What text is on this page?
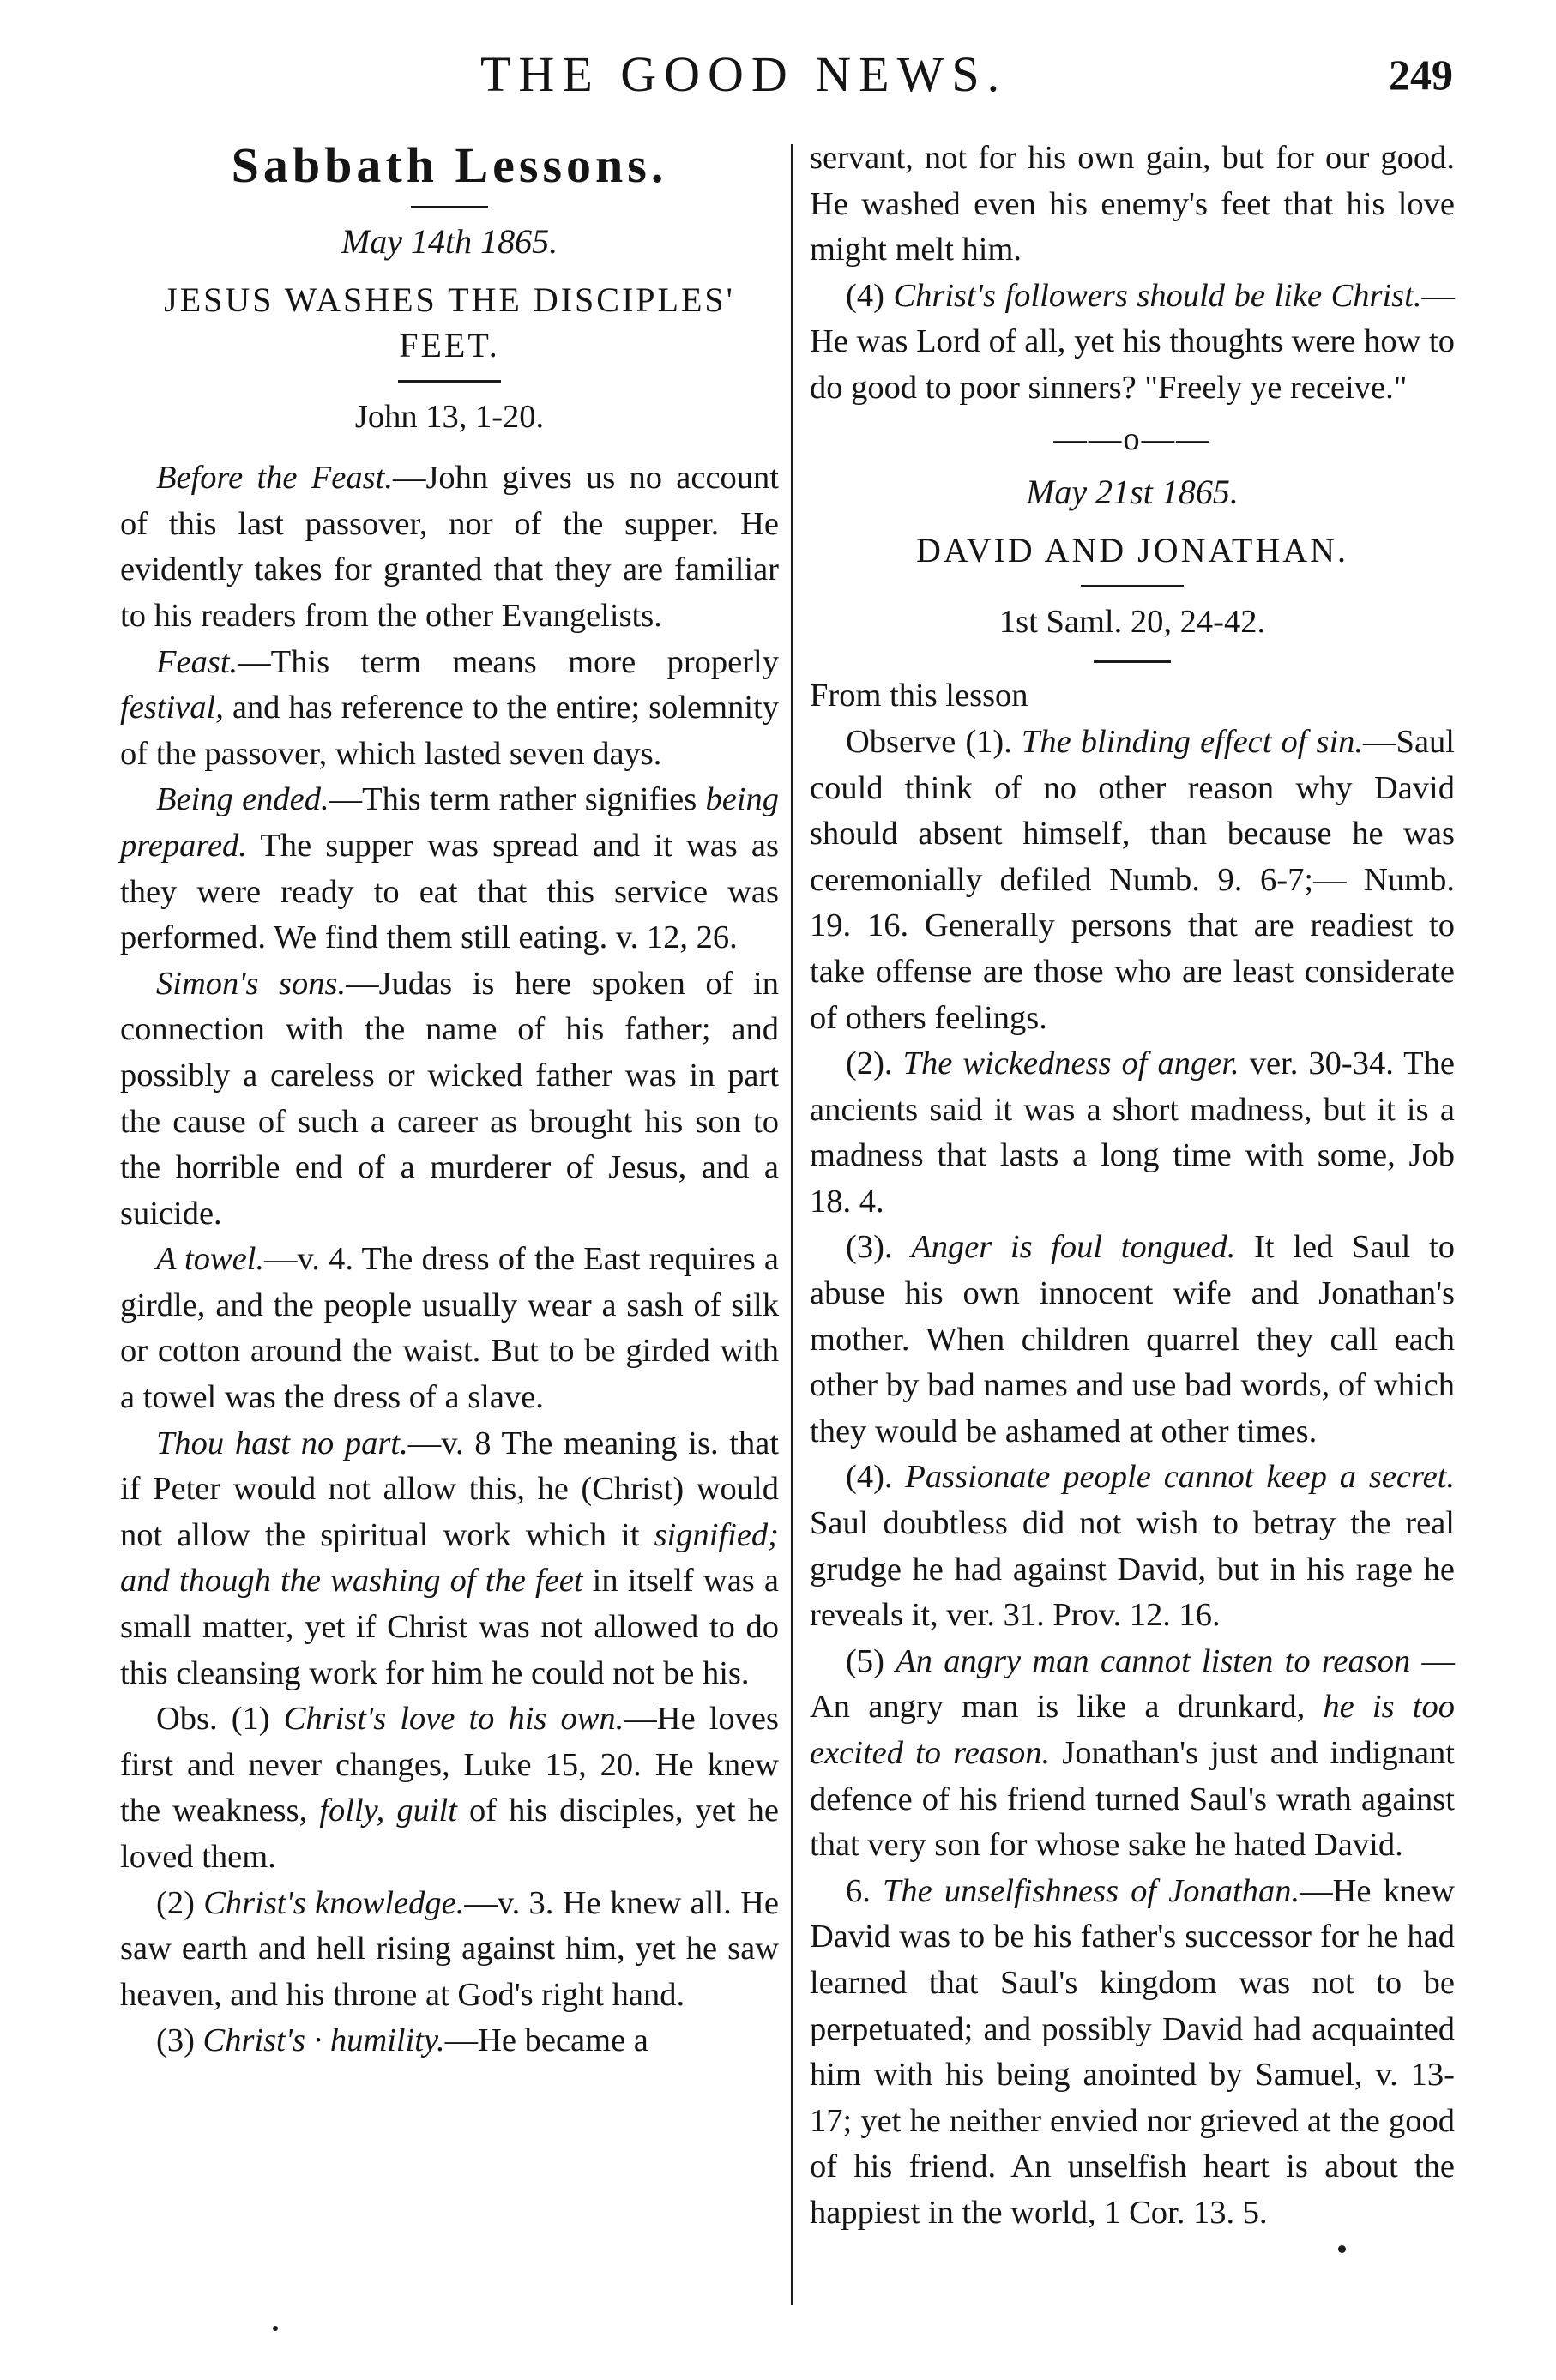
THE GOOD NEWS.	249
Sabbath Lessons.
May 14th 1865.
JESUS WASHES THE DISCIPLES' FEET.
John 13, 1-20.

Before the Feast.—John gives us no account of this last passover, nor of the supper. He evidently takes for granted that they are familiar to his readers from the other Evangelists.

Feast.—This term means more properly festival, and has reference to the entire; solemnity of the passover, which lasted seven days.

Being ended.—This term rather signifies being prepared. The supper was spread and it was as they were ready to eat that this service was performed. We find them still eating. v. 12, 26.

Simon's sons.—Judas is here spoken of in connection with the name of his father; and possibly a careless or wicked father was in part the cause of such a career as brought his son to the horrible end of a murderer of Jesus, and a suicide.

A towel.—v. 4. The dress of the East requires a girdle, and the people usually wear a sash of silk or cotton around the waist. But to be girded with a towel was the dress of a slave.

Thou hast no part.—v. 8 The meaning is. that if Peter would not allow this, he (Christ) would not allow the spiritual work which it signified; and though the washing of the feet in itself was a small matter, yet if Christ was not allowed to do this cleansing work for him he could not be his.

Obs. (1) Christ's love to his own.—He loves first and never changes, Luke 15, 20. He knew the weakness, folly, guilt of his disciples, yet he loved them.

(2) Christ's knowledge.—v. 3. He knew all. He saw earth and hell rising against him, yet he saw heaven, and his throne at God's right hand.

(3) Christ's · humility.—He became a

servant, not for his own gain, but for our good. He washed even his enemy's feet that his love might melt him.

(4) Christ's followers should be like Christ.—He was Lord of all, yet his thoughts were how to do good to poor sinners? "Freely ye receive."

——o——
May 21st 1865.
DAVID AND JONATHAN.
1st Saml. 20, 24-42.

From this lesson

Observe (1). The blinding effect of sin.—Saul could think of no other reason why David should absent himself, than because he was ceremonially defiled Numb. 9. 6-7;— Numb. 19. 16. Generally persons that are readiest to take offense are those who are least considerate of others feelings.

(2). The wickedness of anger. ver. 30-34. The ancients said it was a short madness, but it is a madness that lasts a long time with some, Job 18. 4.

(3). Anger is foul tongued. It led Saul to abuse his own innocent wife and Jonathan's mother. When children quarrel they call each other by bad names and use bad words, of which they would be ashamed at other times.

(4). Passionate people cannot keep a secret. Saul doubtless did not wish to betray the real grudge he had against David, but in his rage he reveals it, ver. 31. Prov. 12. 16.

(5) An angry man cannot listen to reason —An angry man is like a drunkard, he is too excited to reason. Jonathan's just and indignant defence of his friend turned Saul's wrath against that very son for whose sake he hated David.

6. The unselfishness of Jonathan.—He knew David was to be his father's successor for he had learned that Saul's kingdom was not to be perpetuated; and possibly David had acquainted him with his being anointed by Samuel, v. 13-17; yet he neither envied nor grieved at the good of his friend. An unselfish heart is about the happiest in the world, 1 Cor. 13. 5.
